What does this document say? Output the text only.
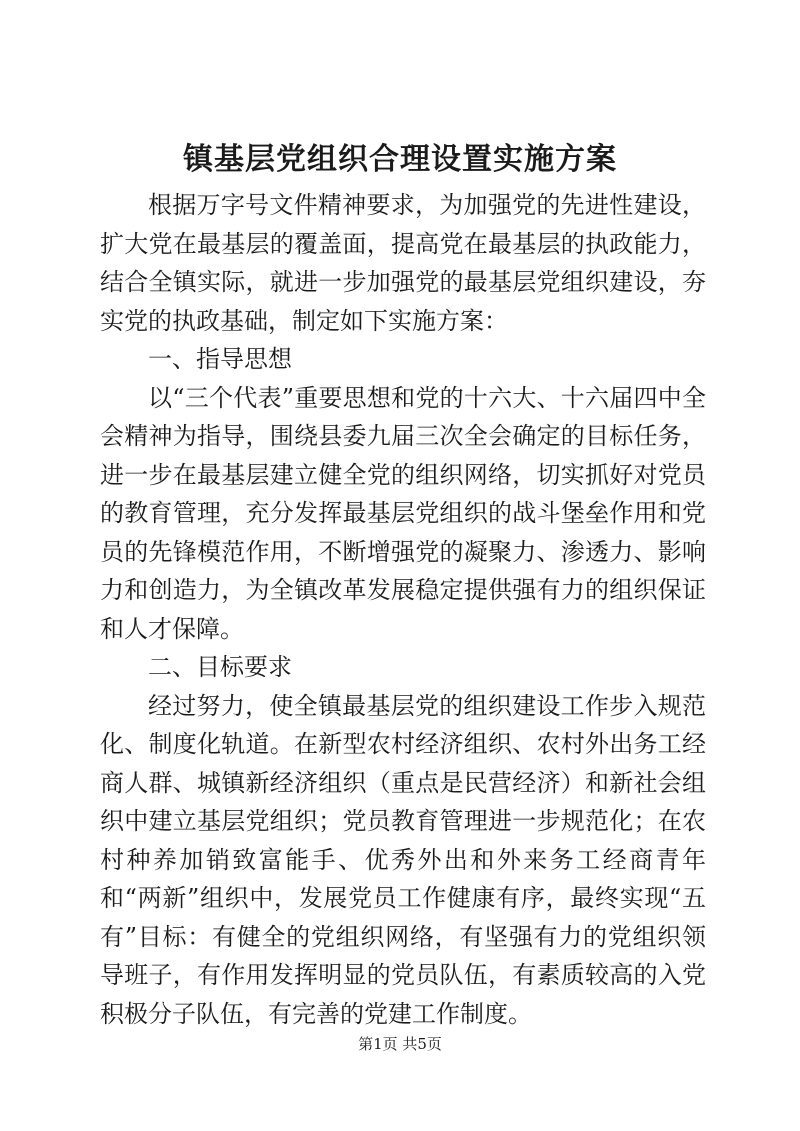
镇基层党组织合理设置实施方案

根据万字号文件精神要求，为加强党的先进性建设，扩大党在最基层的覆盖面，提高党在最基层的执政能力，结合全镇实际，就进一步加强党的最基层党组织建设，夯实党的执政基础，制定如下实施方案：

一、指导思想

以“三个代表”重要思想和党的十六大、十六届四中全会精神为指导，围绕县委九届三次全会确定的目标任务，进一步在最基层建立健全党的组织网络，切实抓好对党员的教育管理，充分发挥最基层党组织的战斗堡垒作用和党员的先锋模范作用，不断增强党的凝聚力、渗透力、影响力和创造力，为全镇改革发展稳定提供强有力的组织保证和人才保障。

二、目标要求

经过努力，使全镇最基层党的组织建设工作步入规范化、制度化轨道。在新型农村经济组织、农村外出务工经商人群、城镇新经济组织（重点是民营经济）和新社会组织中建立基层党组织；党员教育管理进一步规范化；在农村种养加销致富能手、优秀外出和外来务工经商青年和“两新”组织中，发展党员工作健康有序，最终实现“五有”目标：有健全的党组织网络，有坚强有力的党组织领导班子，有作用发挥明显的党员队伍，有素质较高的入党积极分子队伍，有完善的党建工作制度。

第1页 共5页
